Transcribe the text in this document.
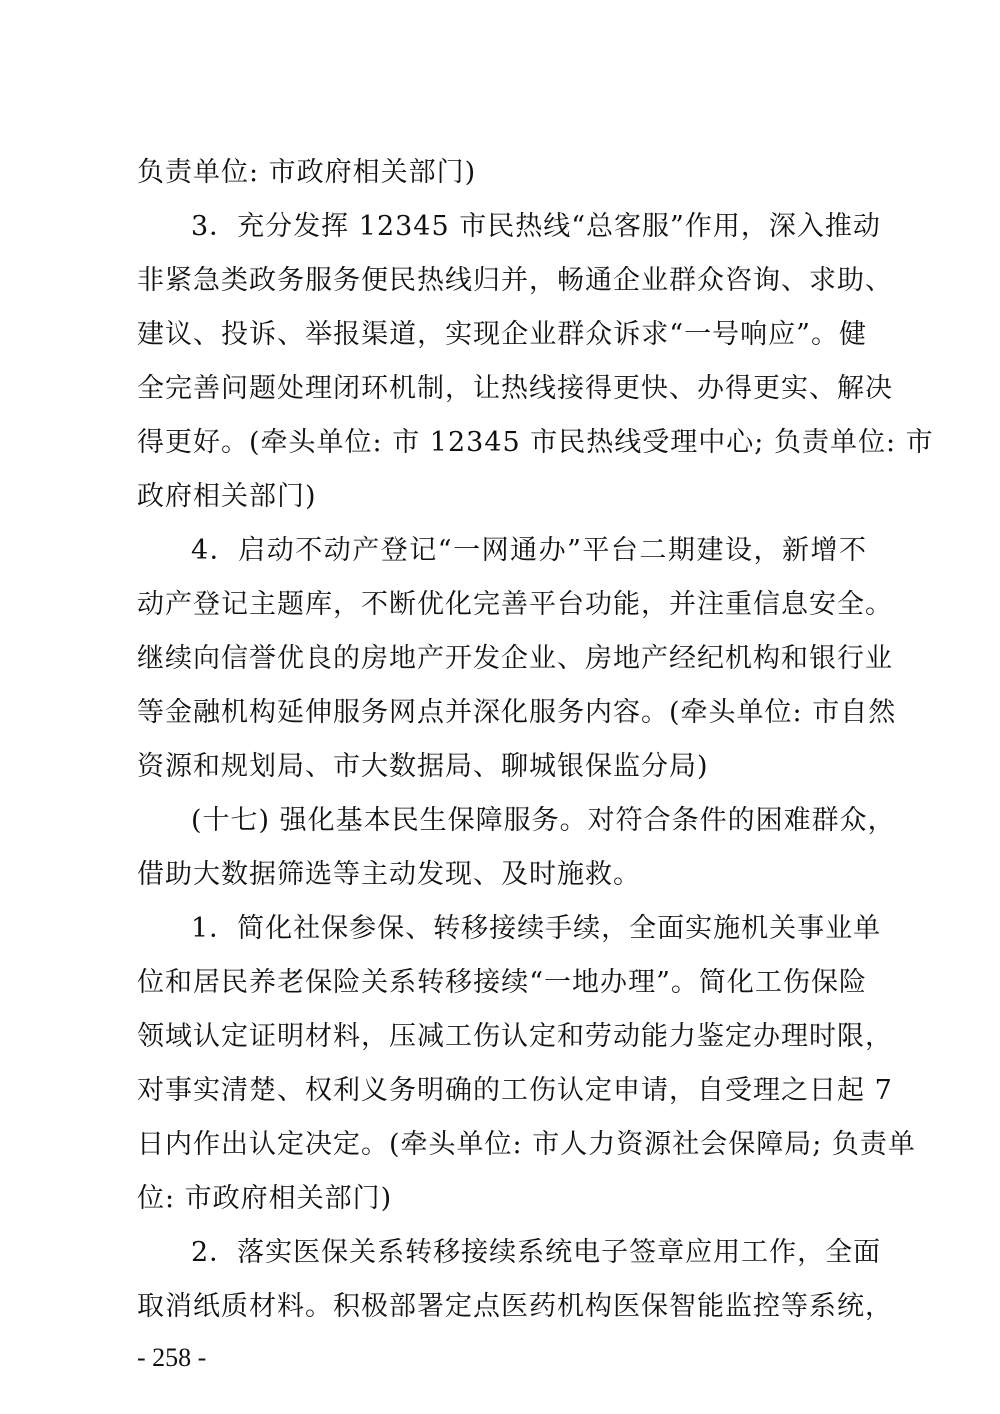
负责单位: 市政府相关部门)
3．充分发挥 12345 市民热线“总客服”作用，深入推动
非紧急类政务服务便民热线归并，畅通企业群众咨询、求助、
建议、投诉、举报渠道，实现企业群众诉求“一号响应”。健
全完善问题处理闭环机制，让热线接得更快、办得更实、解决
得更好。(牵头单位: 市 12345 市民热线受理中心; 负责单位: 市
政府相关部门)
4．启动不动产登记“一网通办”平台二期建设，新增不
动产登记主题库，不断优化完善平台功能，并注重信息安全。
继续向信誉优良的房地产开发企业、房地产经纪机构和银行业
等金融机构延伸服务网点并深化服务内容。(牵头单位: 市自然
资源和规划局、市大数据局、聊城银保监分局)
(十七) 强化基本民生保障服务。对符合条件的困难群众，
借助大数据筛选等主动发现、及时施救。
1．简化社保参保、转移接续手续，全面实施机关事业单
位和居民养老保险关系转移接续“一地办理”。简化工伤保险
领域认定证明材料，压减工伤认定和劳动能力鉴定办理时限，
对事实清楚、权利义务明确的工伤认定申请，自受理之日起 7
日内作出认定决定。(牵头单位: 市人力资源社会保障局; 负责单
位: 市政府相关部门)
2．落实医保关系转移接续系统电子签章应用工作，全面
取消纸质材料。积极部署定点医药机构医保智能监控等系统，
- 258 -
